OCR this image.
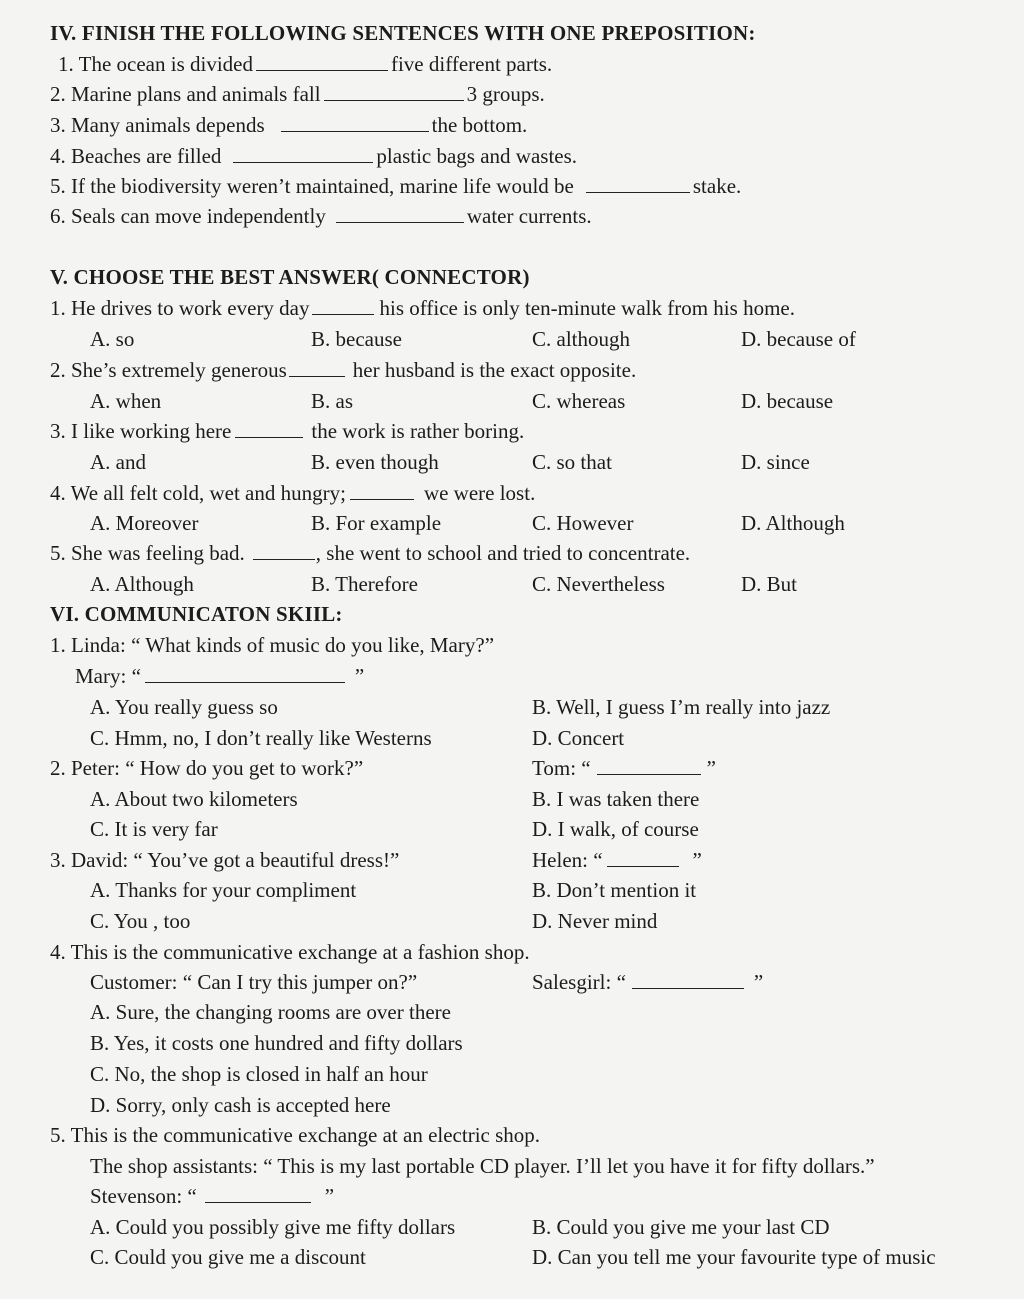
IV. FINISH THE FOLLOWING SENTENCES WITH ONE PREPOSITION:
1. The ocean is divided	five different parts.
2. Marine plans and animals fall	3 groups.
3. Many animals depends	the bottom.
4. Beaches are filled	plastic bags and wastes.
5. If the biodiversity weren’t maintained, marine life would be	stake.
6. Seals can move independently	water currents.
V. CHOOSE THE BEST ANSWER( CONNECTOR)
1. He drives to work every day	his office is only ten-minute walk from his home.
A. so	B. because	C. although	D. because of
2. She’s extremely generous	her husband is the exact opposite.
A. when	B. as	C. whereas	D. because
3. I like working here	the work is rather boring.
A. and	B. even though	C. so that	D. since
4. We all felt cold, wet and hungry;	we were lost.
A. Moreover	B. For example	C. However	D. Although
5. She was feeling bad.	, she went to school and tried to concentrate.
A. Although	B. Therefore	C. Nevertheless	D. But
VI. COMMUNICATON SKIIL:
1. Linda: “ What kinds of music do you like, Mary?”
Mary: “	”
A. You really guess so	B. Well, I guess I’m really into jazz
C. Hmm, no, I don’t really like Westerns	D. Concert
2. Peter: “ How do you get to work?”	Tom: “	”
A. About two kilometers	B. I was taken there
C. It is very far	D. I walk, of course
3. David: “ You’ve got a beautiful dress!”	Helen: “	”
A. Thanks for your compliment	B. Don’t mention it
C. You , too	D. Never mind
4. This is the communicative exchange at a fashion shop.
Customer: “ Can I try this jumper on?”	Salesgirl: “	”
A. Sure, the changing rooms are over there
B. Yes, it costs one hundred and fifty dollars
C. No, the shop is closed in half an hour
D. Sorry, only cash is accepted here
5. This is the communicative exchange at an electric shop.
The shop assistants: “ This is my last portable CD player. I’ll let you have it for fifty dollars.”
Stevenson: “	”
A. Could you possibly give me fifty dollars	B. Could you give me your last CD
C. Could you give me a discount	D. Can you tell me your favourite type of music
